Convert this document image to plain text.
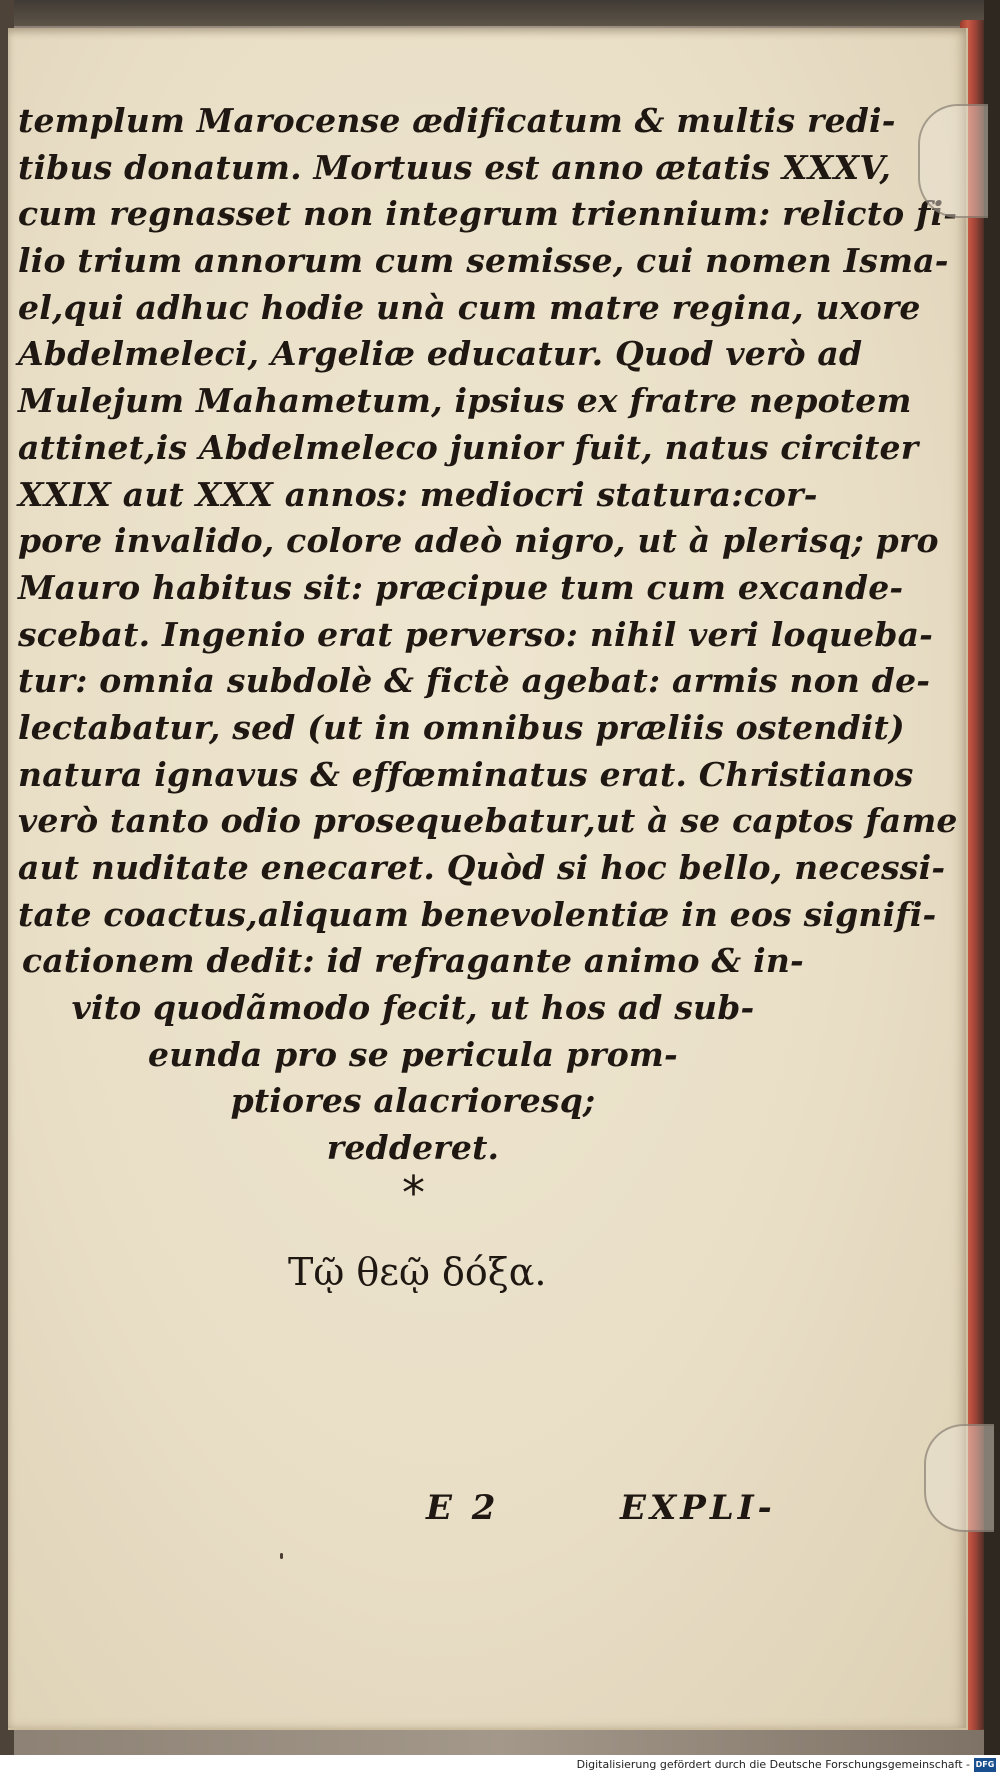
templum Marocense ædificatum & multis redi-
tibus donatum. Mortuus est anno ætatis XXXV,
cum regnasset non integrum triennium: relicto fi-
lio trium annorum cum semisse, cui nomen Isma-
el,qui adhuc hodie unà cum matre regina, uxore
Abdelmeleci, Argeliæ educatur. Quod verò ad
Mulejum Mahametum, ipsius ex fratre nepotem
attinet,is Abdelmeleco junior fuit, natus circiter
XXIX aut XXX annos: mediocri statura:cor-
pore invalido, colore adeò nigro, ut à plerisq; pro
Mauro habitus sit: præcipue tum cum excande-
scebat. Ingenio erat perverso: nihil veri loqueba-
tur: omnia subdolè & fictè agebat: armis non de-
lectabatur, sed (ut in omnibus præliis ostendit)
natura ignavus & effœminatus erat. Christianos
verò tanto odio prosequebatur,ut à se captos fame
aut nuditate enecaret. Quòd si hoc bello, necessi-
tate coactus,aliquam benevolentiæ in eos signifi-
cationem dedit: id refragante animo & in-
vito quodãmodo fecit, ut hos ad sub-
eunda pro se pericula prom-
ptiores alacrioresq;
redderet.
*
Τῷ θεῷ δόξα.
E 2	EXPLI-
Digitalisierung gefördert durch die Deutsche Forschungsgemeinschaft - DFG
